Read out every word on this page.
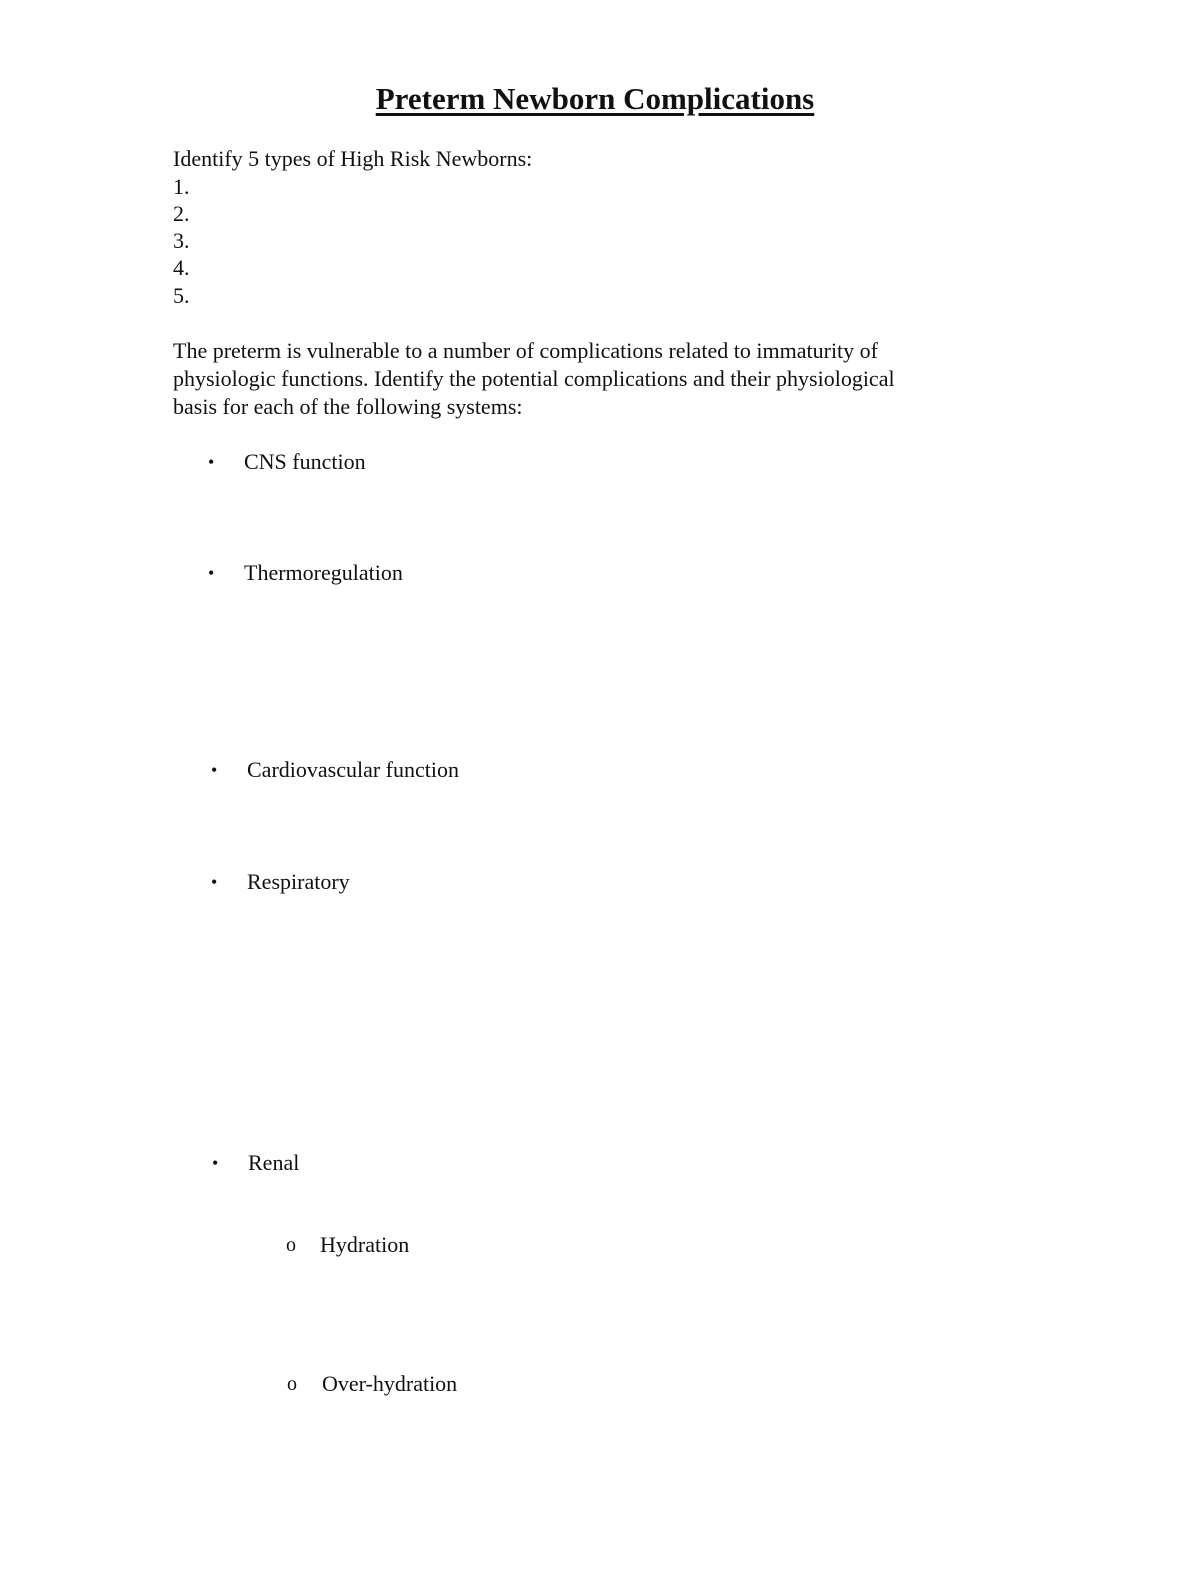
Preterm Newborn Complications

Identify 5 types of High Risk Newborns:

1.

2.

3.

4.

5.

The preterm is vulnerable to a number of complications related to immaturity of
physiologic functions. Identify the potential complications and their physiological
basis for each of the following systems:
• CNS function
• Thermoregulation
• Cardiovascular function
• Respiratory
• Renal
o Hydration
o Over-hydration
